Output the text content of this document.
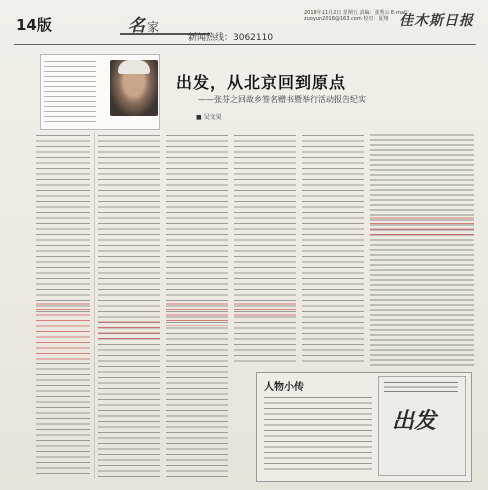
14版	名 家
2018年11月2日 星期五 责编：张秀云 E-mail：zuoyun2018@163.com 校对：夏翔 佳木斯日报
新闻热线：3062110
出发，从北京回到原点
——张芬之回故乡签名赠书暨举行活动报告纪实
■ 吴文昊
人物小传
出发
